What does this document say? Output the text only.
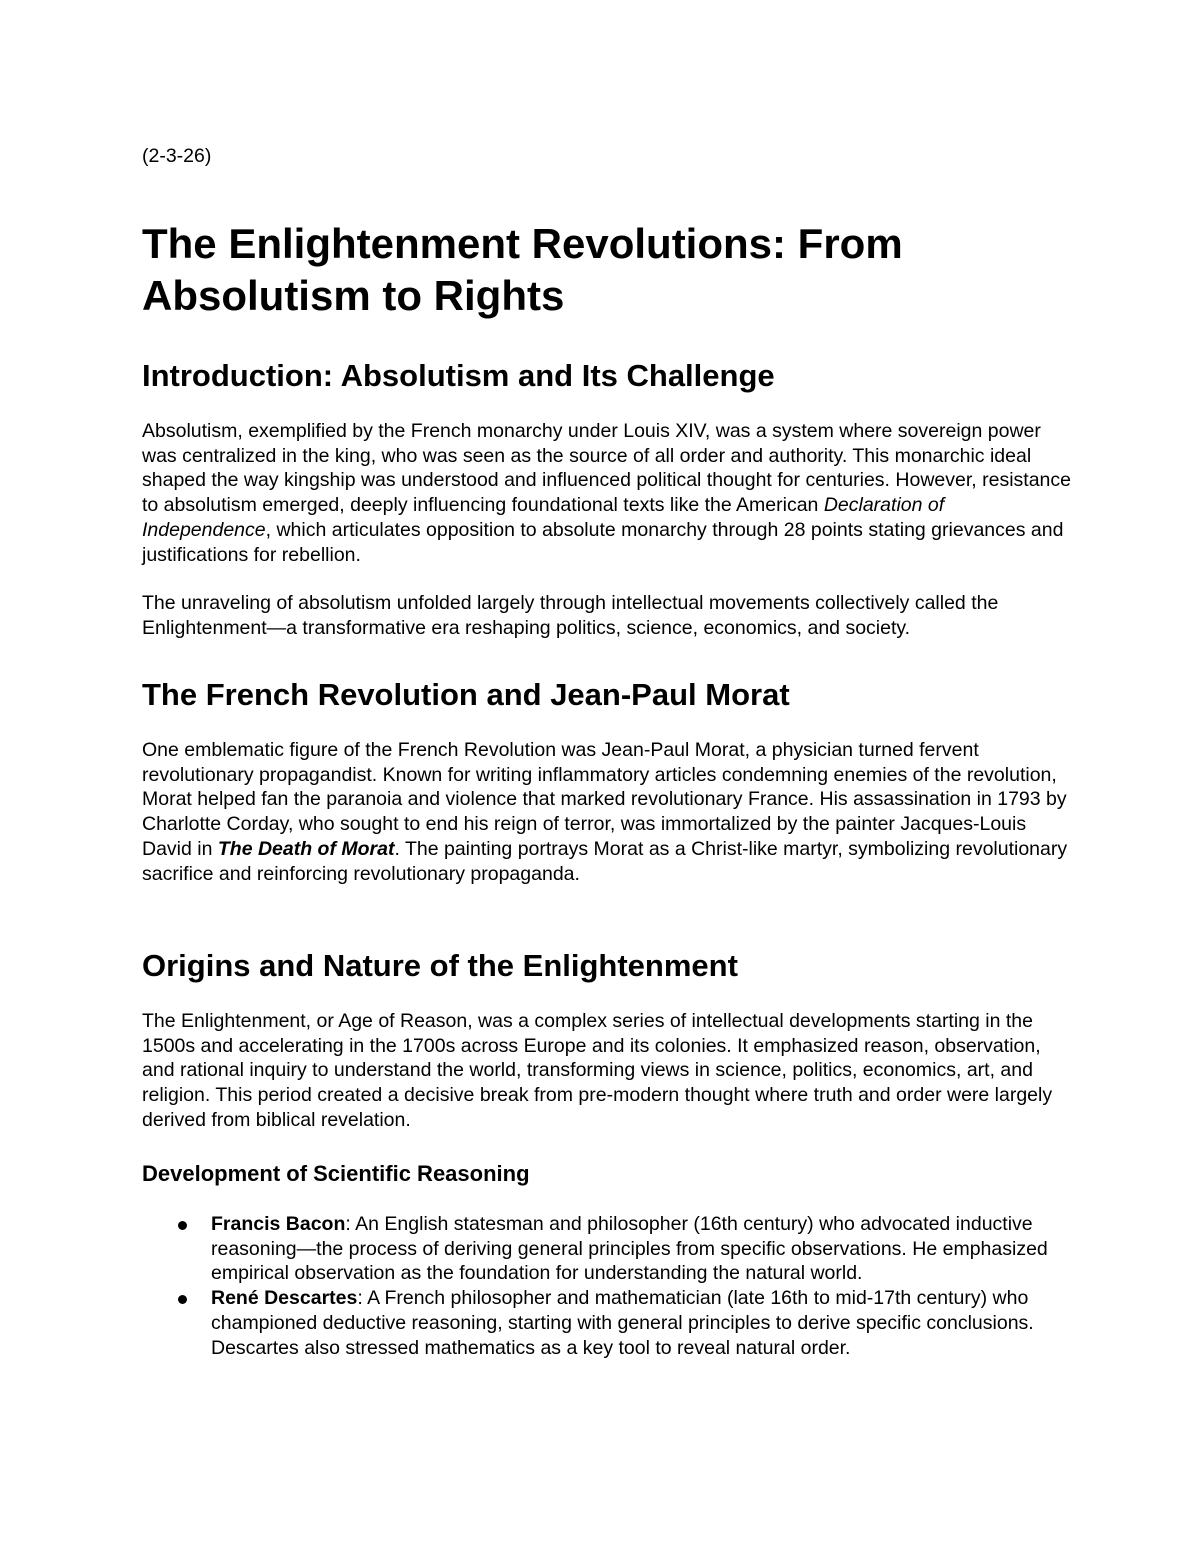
(2-3-26)

The Enlightenment Revolutions: From Absolutism to Rights
Introduction: Absolutism and Its Challenge

Absolutism, exemplified by the French monarchy under Louis XIV, was a system where sovereign power was centralized in the king, who was seen as the source of all order and authority. This monarchic ideal shaped the way kingship was understood and influenced political thought for centuries. However, resistance to absolutism emerged, deeply influencing foundational texts like the American Declaration of Independence, which articulates opposition to absolute monarchy through 28 points stating grievances and justifications for rebellion.

The unraveling of absolutism unfolded largely through intellectual movements collectively called the Enlightenment—a transformative era reshaping politics, science, economics, and society.

The French Revolution and Jean-Paul Morat

One emblematic figure of the French Revolution was Jean-Paul Morat, a physician turned fervent revolutionary propagandist. Known for writing inflammatory articles condemning enemies of the revolution, Morat helped fan the paranoia and violence that marked revolutionary France. His assassination in 1793 by Charlotte Corday, who sought to end his reign of terror, was immortalized by the painter Jacques-Louis David in The Death of Morat. The painting portrays Morat as a Christ-like martyr, symbolizing revolutionary sacrifice and reinforcing revolutionary propaganda.

Origins and Nature of the Enlightenment

The Enlightenment, or Age of Reason, was a complex series of intellectual developments starting in the 1500s and accelerating in the 1700s across Europe and its colonies. It emphasized reason, observation, and rational inquiry to understand the world, transforming views in science, politics, economics, art, and religion. This period created a decisive break from pre-modern thought where truth and order were largely derived from biblical revelation.

Development of Scientific Reasoning
Francis Bacon: An English statesman and philosopher (16th century) who advocated inductive reasoning—the process of deriving general principles from specific observations. He emphasized empirical observation as the foundation for understanding the natural world.
René Descartes: A French philosopher and mathematician (late 16th to mid-17th century) who championed deductive reasoning, starting with general principles to derive specific conclusions. Descartes also stressed mathematics as a key tool to reveal natural order.
